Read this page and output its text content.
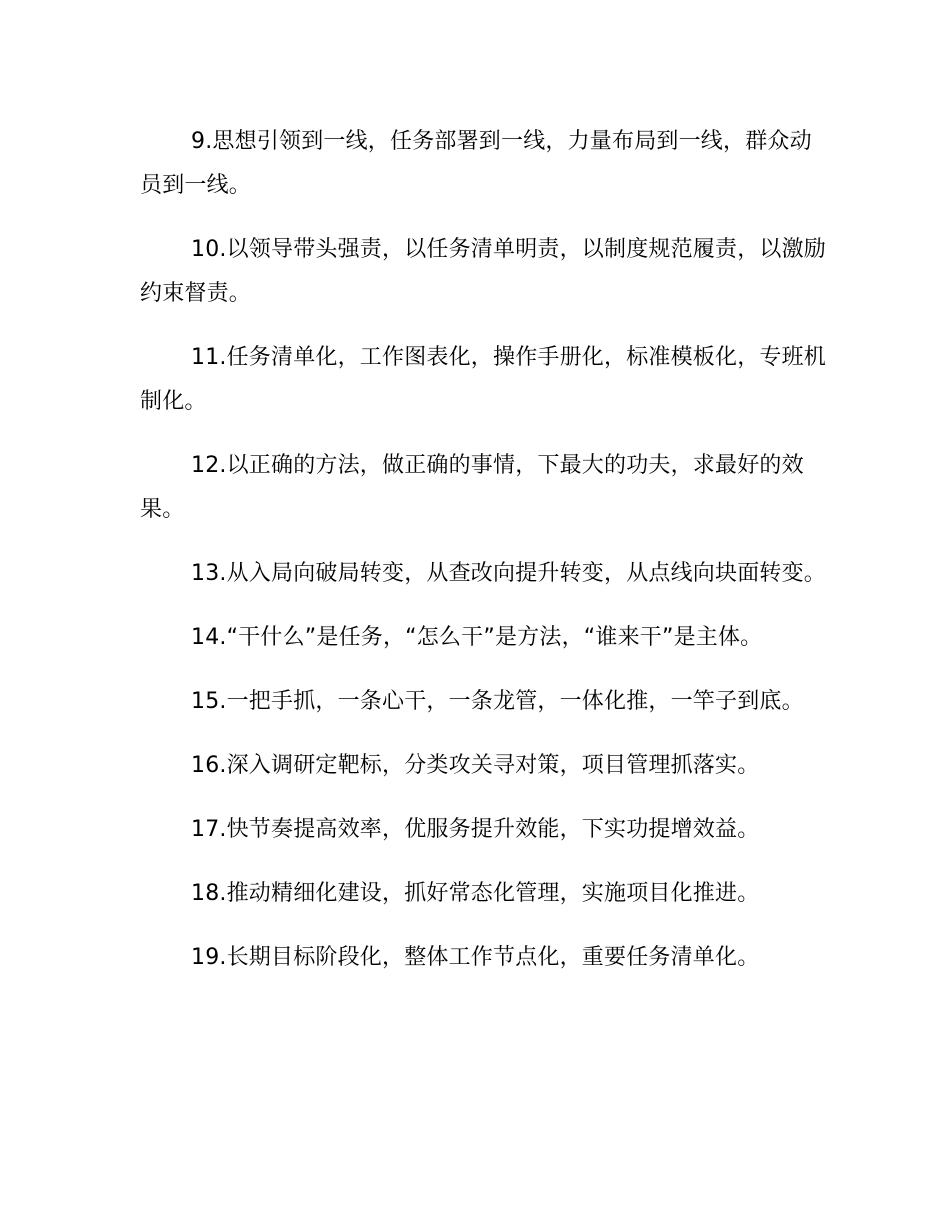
9.思想引领到一线，任务部署到一线，力量布局到一线，群众动员到一线。

10.以领导带头强责，以任务清单明责，以制度规范履责，以激励约束督责。

11.任务清单化，工作图表化，操作手册化，标准模板化，专班机制化。

12.以正确的方法，做正确的事情，下最大的功夫，求最好的效果。

13.从入局向破局转变，从查改向提升转变，从点线向块面转变。

14.“干什么”是任务，“怎么干”是方法，“谁来干”是主体。

15.一把手抓，一条心干，一条龙管，一体化推，一竿子到底。

16.深入调研定靶标，分类攻关寻对策，项目管理抓落实。

17.快节奏提高效率，优服务提升效能，下实功提增效益。

18.推动精细化建设，抓好常态化管理，实施项目化推进。

19.长期目标阶段化，整体工作节点化，重要任务清单化。
